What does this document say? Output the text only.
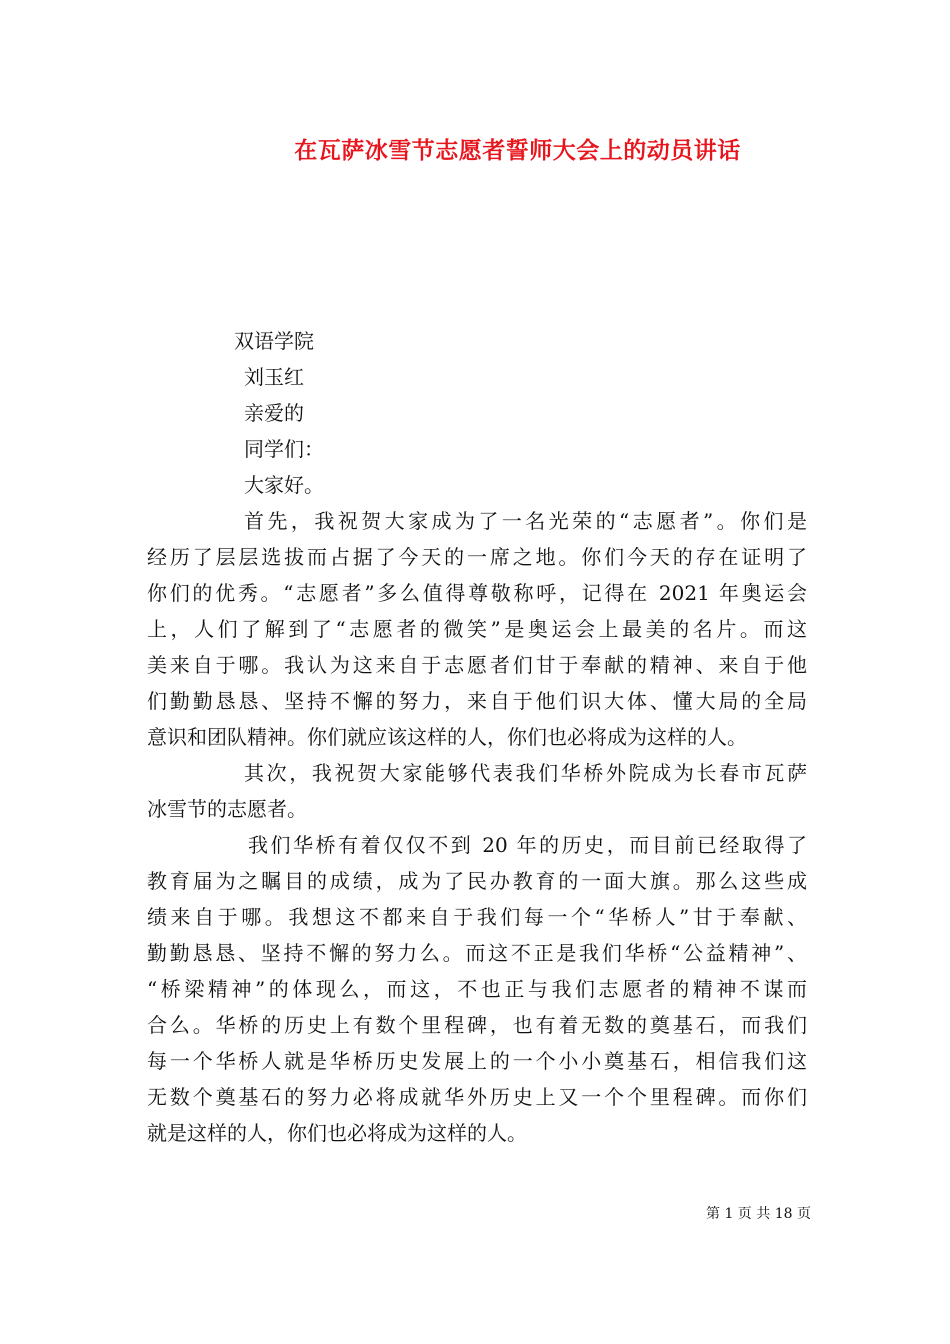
在瓦萨冰雪节志愿者誓师大会上的动员讲话
双语学院
刘玉红
亲爱的
同学们：
大家好。
首先，我祝贺大家成为了一名光荣的“志愿者”。你们是
经历了层层选拔而占据了今天的一席之地。你们今天的存在证明了
你们的优秀。“志愿者”多么值得尊敬称呼，记得在 2021 年奥运会
上，人们了解到了“志愿者的微笑”是奥运会上最美的名片。而这
美来自于哪。我认为这来自于志愿者们甘于奉献的精神、来自于他
们勤勤恳恳、坚持不懈的努力，来自于他们识大体、懂大局的全局
意识和团队精神。你们就应该这样的人，你们也必将成为这样的人。
其次，我祝贺大家能够代表我们华桥外院成为长春市瓦萨
冰雪节的志愿者。
我们华桥有着仅仅不到 20 年的历史，而目前已经取得了
教育届为之瞩目的成绩，成为了民办教育的一面大旗。那么这些成
绩来自于哪。我想这不都来自于我们每一个“华桥人”甘于奉献、
勤勤恳恳、坚持不懈的努力么。而这不正是我们华桥“公益精神”、
“桥梁精神”的体现么，而这，不也正与我们志愿者的精神不谋而
合么。华桥的历史上有数个里程碑，也有着无数的奠基石，而我们
每一个华桥人就是华桥历史发展上的一个小小奠基石，相信我们这
无数个奠基石的努力必将成就华外历史上又一个个里程碑。而你们
就是这样的人，你们也必将成为这样的人。
第 1 页 共 18 页
